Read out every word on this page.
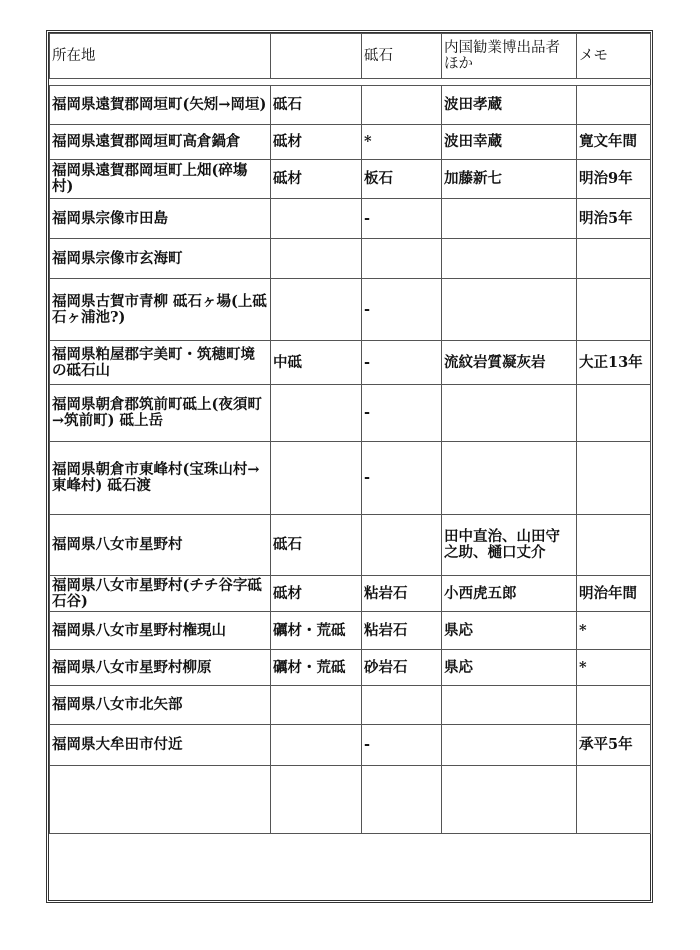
所在地		砥石	内国勧業博出品者ほか	メモ

福岡県遠賀郡岡垣町(矢矧→岡垣)	砥石		波田孝蔵	
福岡県遠賀郡岡垣町高倉鍋倉	砥材	*	波田幸蔵	寛文年間
福岡県遠賀郡岡垣町上畑(碎塲村)	砥材	板石	加藤新七	明治9年
福岡県宗像市田島		-		明治5年
福岡県宗像市玄海町				
福岡県古賀市青柳 砥石ヶ場(上砥石ヶ浦池?)		-		
福岡県粕屋郡宇美町・筑穂町境の砥石山	中砥	-	流紋岩質凝灰岩	大正13年
福岡県朝倉郡筑前町砥上(夜須町→筑前町) 砥上岳		-		
福岡県朝倉市東峰村(宝珠山村→東峰村) 砥石渡		-		
福岡県八女市星野村	砥石		田中直治、山田守之助、樋口丈介	
福岡県八女市星野村(チチ谷字砥石谷)	砥材	粘岩石	小西虎五郎	明治年間
福岡県八女市星野村権現山	礪材・荒砥	粘岩石	県応	*
福岡県八女市星野村柳原	礪材・荒砥	砂岩石	県応	*
福岡県八女市北矢部				
福岡県大牟田市付近		-		承平5年
